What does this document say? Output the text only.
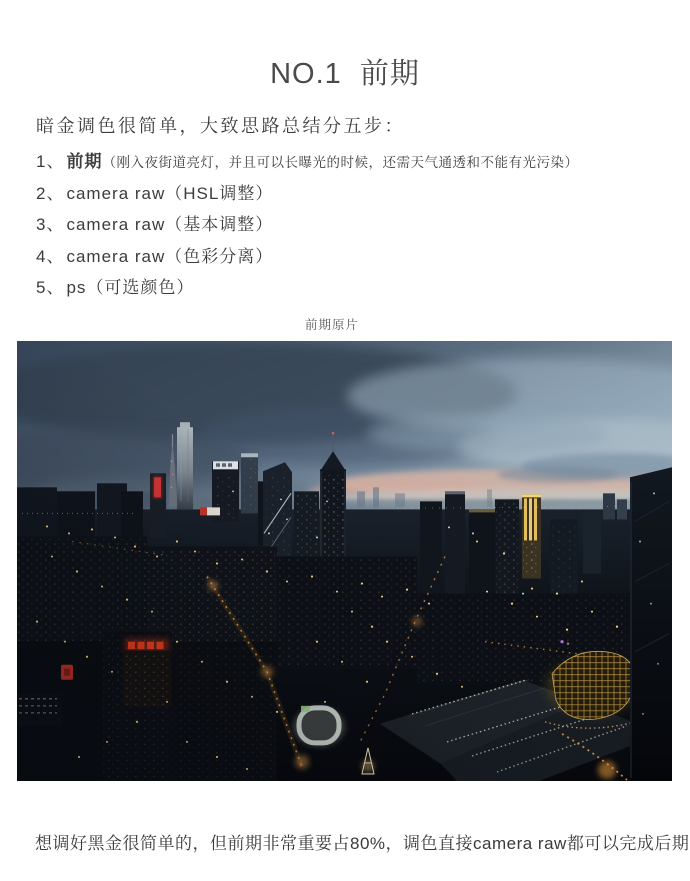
NO.1  前期

暗金调色很简单，大致思路总结分五步：

1、 前期（刚入夜街道亮灯，并且可以长曝光的时候，还需天气通透和不能有光污染）
2、 camera raw（HSL调整）
3、 camera raw（基本调整）
4、 camera raw（色彩分离）
5、 ps（可选颜色）
前期原片

想调好黑金很简单的，但前期非常重要占80%，调色直接camera raw都可以完成后期
